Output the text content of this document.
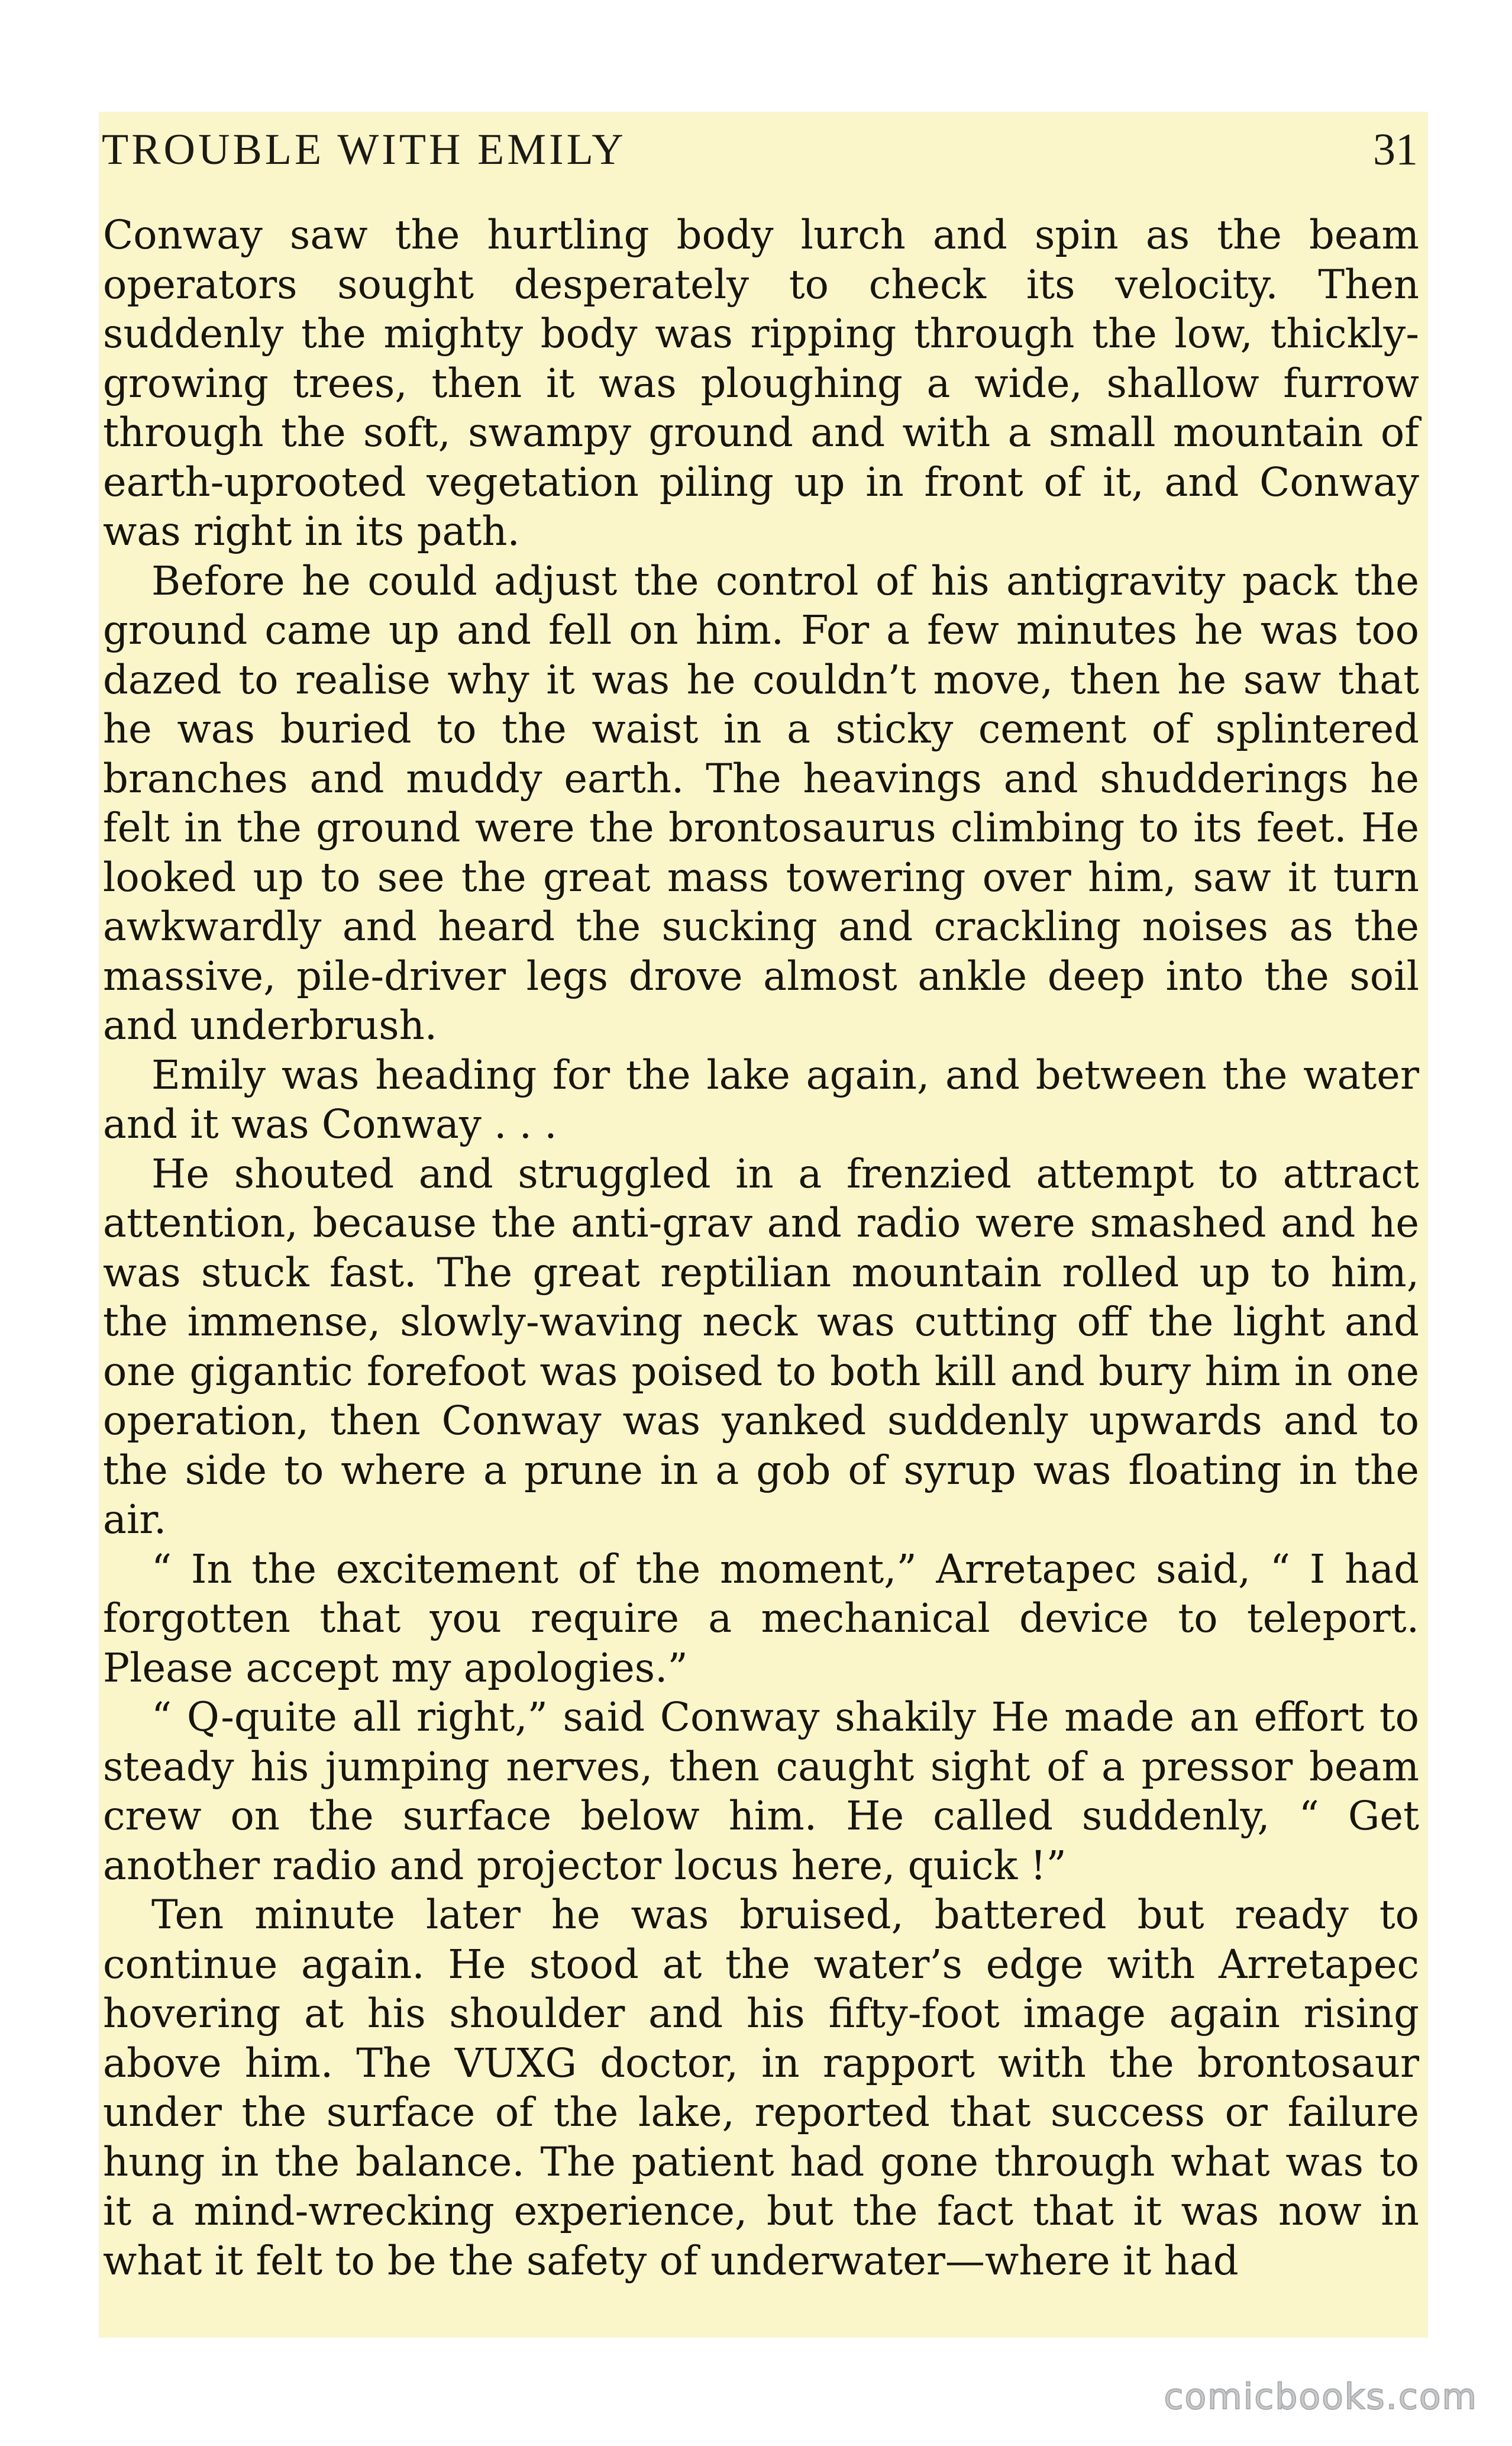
TROUBLE WITH EMILY	31

Conway saw the hurtling body lurch and spin as the beam operators sought desperately to check its velocity. Then suddenly the mighty body was ripping through the low, thickly-growing trees, then it was ploughing a wide, shallow furrow through the soft, swampy ground and with a small mountain of earth-uprooted vegetation piling up in front of it, and Conway was right in its path.

Before he could adjust the control of his antigravity pack the ground came up and fell on him. For a few minutes he was too dazed to realise why it was he couldn’t move, then he saw that he was buried to the waist in a sticky cement of splintered branches and muddy earth. The heavings and shudderings he felt in the ground were the brontosaurus climbing to its feet. He looked up to see the great mass towering over him, saw it turn awkwardly and heard the sucking and crackling noises as the massive, pile-driver legs drove almost ankle deep into the soil and underbrush.

Emily was heading for the lake again, and between the water and it was Conway . . .

He shouted and struggled in a frenzied attempt to attract attention, because the anti-grav and radio were smashed and he was stuck fast. The great reptilian mountain rolled up to him, the immense, slowly-waving neck was cutting off the light and one gigantic forefoot was poised to both kill and bury him in one operation, then Conway was yanked suddenly upwards and to the side to where a prune in a gob of syrup was floating in the air.

“ In the excitement of the moment,” Arretapec said, “ I had forgotten that you require a mechanical device to teleport. Please accept my apologies.”

“ Q-quite all right,” said Conway shakily He made an effort to steady his jumping nerves, then caught sight of a pressor beam crew on the surface below him. He called suddenly, “ Get another radio and projector locus here, quick !”

Ten minute later he was bruised, battered but ready to continue again. He stood at the water’s edge with Arretapec hovering at his shoulder and his fifty-foot image again rising above him. The VUXG doctor, in rapport with the brontosaur under the surface of the lake, reported that success or failure hung in the balance. The patient had gone through what was to it a mind-wrecking experience, but the fact that it was now in what it felt to be the safety of underwater—where it had

comicbooks.com
